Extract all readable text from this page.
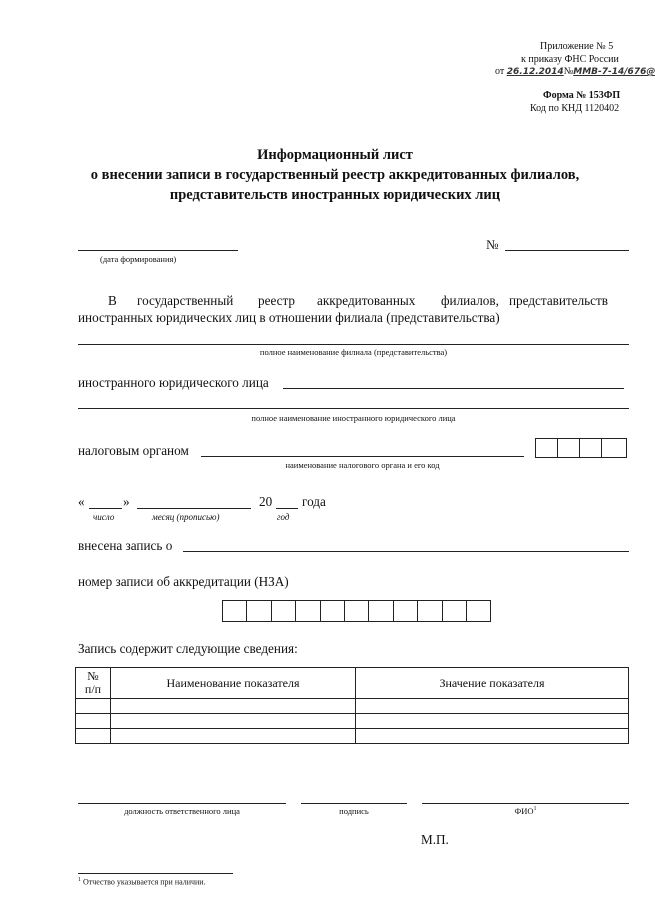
Приложение № 5
к приказу ФНС России
от 26.12.2014№ММВ-7-14/676@
Форма № 153ФП
Код по КНД 1120402
Информационный лист
о внесении записи в государственный реестр аккредитованных филиалов,
представительств иностранных юридических лиц
(дата формирования)
№
В государственный реестр аккредитованных филиалов, представительств
иностранных юридических лиц в отношении филиала (представительства)
полное наименование филиала (представительства)
иностранного юридического лица
полное наименование иностранного юридического лица
налоговым органом
наименование налогового органа и его код
«	»	20 года
число	месяц (прописью)	год
внесена запись о
номер записи об аккредитации (НЗА)
Запись содержит следующие сведения:
№
п/п	Наименование показателя	Значение показателя

должность ответственного лица	подпись	ФИО$^1$
М.П.
$^1$ Отчество указывается при наличии.
